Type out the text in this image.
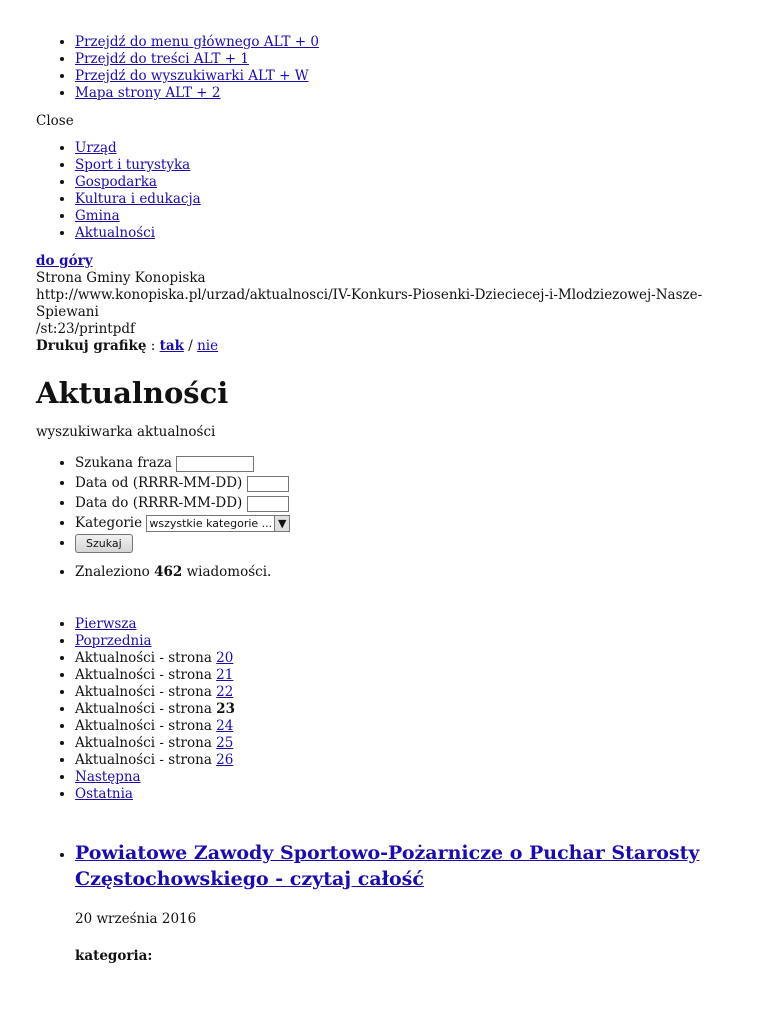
• Przejdź do menu głównego ALT + 0
• Przejdź do treści ALT + 1
• Przejdź do wyszukiwarki ALT + W
• Mapa strony ALT + 2
Close
• Urząd
• Sport i turystyka
• Gospodarka
• Kultura i edukacja
• Gmina
• Aktualności
do góry
Strona Gminy Konopiska
http://www.konopiska.pl/urzad/aktualnosci/IV-Konkurs-Piosenki-Dzieciecej-i-Mlodziezowej-Nasze-Spiewani
/st:23/printpdf
Drukuj grafikę : tak / nie
Aktualności
wyszukiwarka aktualności
• Szukana fraza
• Data od (RRRR-MM-DD)
• Data do (RRRR-MM-DD)
• Kategorie wszystkie kategorie ... ▼
• Szukaj
• Znaleziono 462 wiadomości.
• Pierwsza
• Poprzednia
• Aktualności - strona 20
• Aktualności - strona 21
• Aktualności - strona 22
• Aktualności - strona 23
• Aktualności - strona 24
• Aktualności - strona 25
• Aktualności - strona 26
• Następna
• Ostatnia
• Powiatowe Zawody Sportowo-Pożarnicze o Puchar Starosty Częstochowskiego - czytaj całość
20 września 2016
kategoria:
